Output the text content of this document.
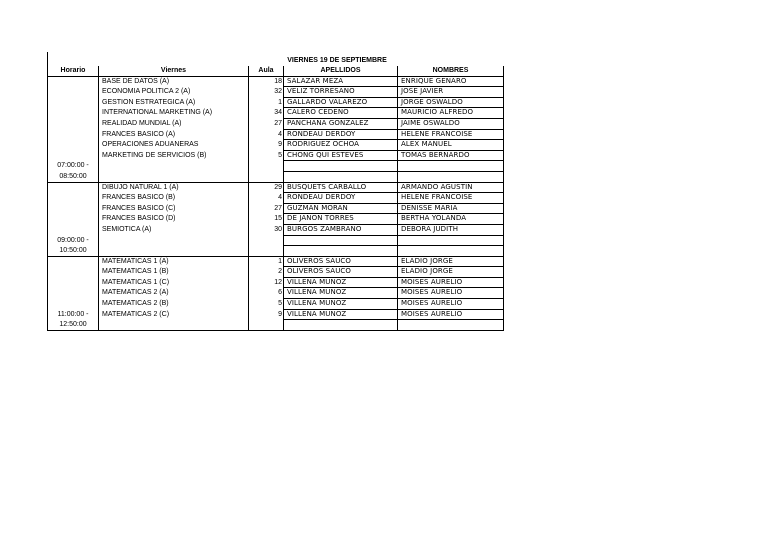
VIERNES 19 DE SEPTIEMBRE
Horario	Viernes	Aula	APELLIDOS	NOMBRES
	BASE DE DATOS (A)	18	SALAZAR MEZA	ENRIQUE GENARO
	ECONOMIA POLITICA 2 (A)	32	VELIZ TORRESANO	JOSE JAVIER
	GESTION ESTRATEGICA (A)	1	GALLARDO VALAREZO	JORGE OSWALDO
	INTERNATIONAL MARKETING (A)	34	CALERO CEDENO	MAURICIO ALFREDO
	REALIDAD MUNDIAL (A)	27	PANCHANA GONZALEZ	JAIME OSWALDO
	FRANCES BASICO (A)	4	RONDEAU DERDOY	HELENE FRANCOISE
	OPERACIONES ADUANERAS	9	RODRIGUEZ OCHOA	ALEX MANUEL
	MARKETING DE SERVICIOS (B)	5	CHONG QUI ESTEVES	TOMAS BERNARDO
07:00:00 -				
08:50:00				
	DIBUJO NATURAL 1 (A)	29	BUSQUETS CARBALLO	ARMANDO AGUSTIN
	FRANCES BASICO (B)	4	RONDEAU DERDOY	HELENE FRANCOISE
	FRANCES BASICO (C)	27	GUZMAN MORAN	DENISSE MARIA
	FRANCES BASICO (D)	15	DE JANON TORRES	BERTHA YOLANDA
	SEMIOTICA (A)	30	BURGOS ZAMBRANO	DEBORA JUDITH
09:00:00 -				
10:50:00				
	MATEMATICAS 1 (A)	1	OLIVEROS SAUCO	ELADIO JORGE
	MATEMATICAS 1 (B)	2	OLIVEROS SAUCO	ELADIO JORGE
	MATEMATICAS 1 (C)	12	VILLENA MUNOZ	MOISES AURELIO
	MATEMATICAS 2 (A)	6	VILLENA MUNOZ	MOISES AURELIO
	MATEMATICAS 2 (B)	5	VILLENA MUNOZ	MOISES AURELIO
11:00:00 -	MATEMATICAS 2 (C)	9	VILLENA MUNOZ	MOISES AURELIO
12:50:00				
